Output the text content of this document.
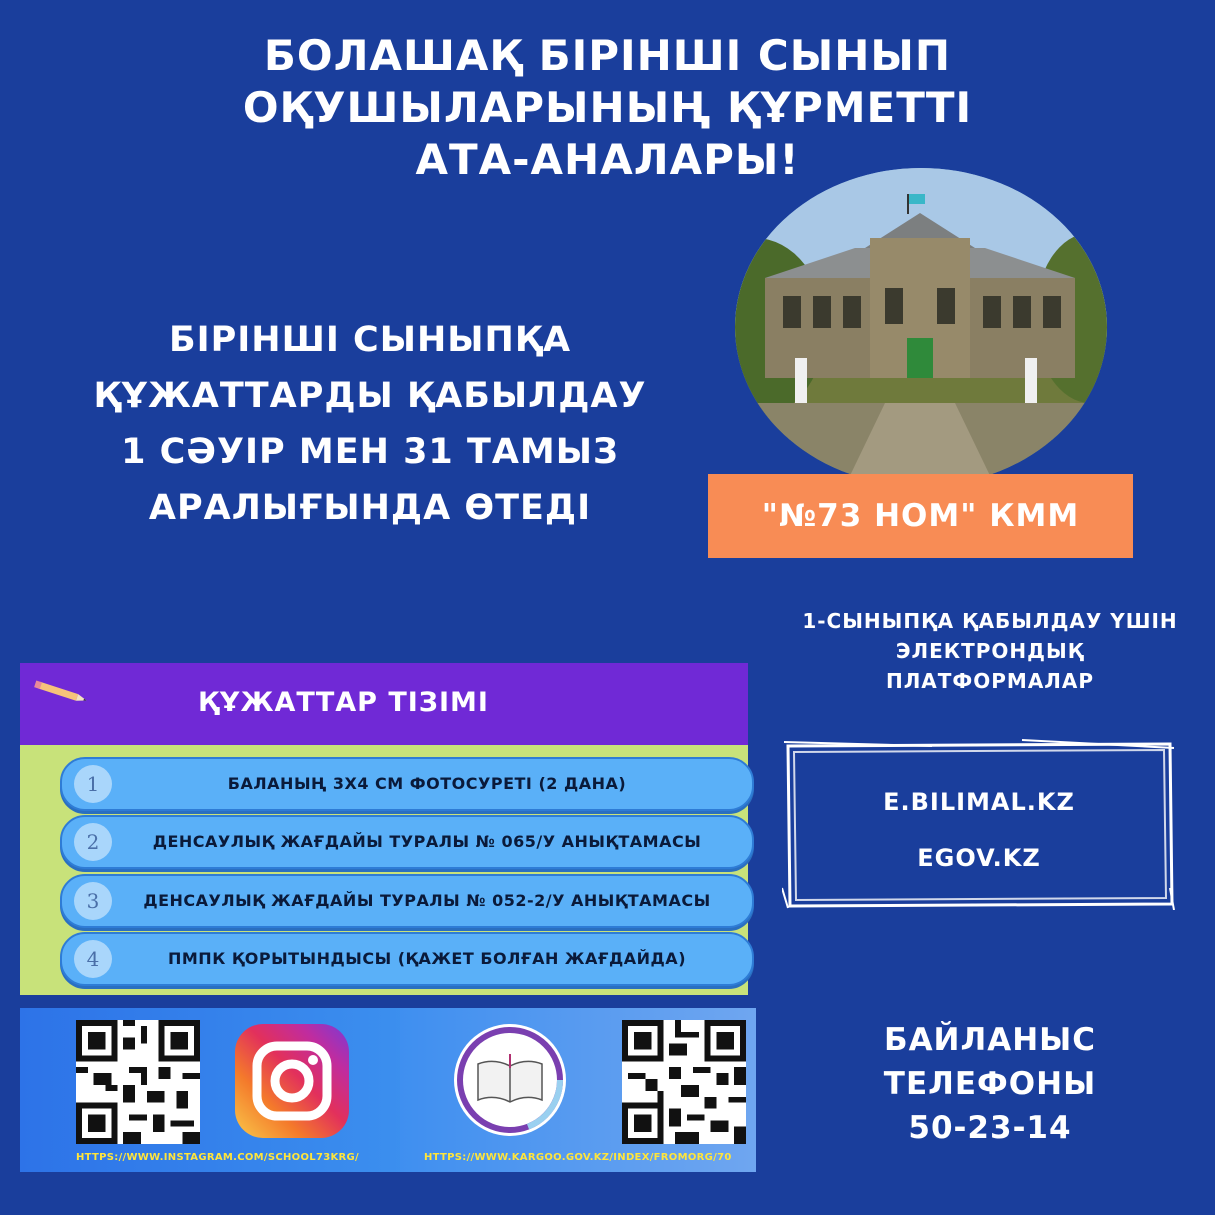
БОЛАШАҚ БІРІНШІ СЫНЫП
ОҚУШЫЛАРЫНЫҢ ҚҰРМЕТТІ
АТА-АНАЛАРЫ!
БІРІНШІ СЫНЫПҚА
ҚҰЖАТТАРДЫ ҚАБЫЛДАУ
1 СӘУІР МЕН 31 ТАМЫЗ
АРАЛЫҒЫНДА ӨТЕДІ	"№73 НОМ" КММ
1-СЫНЫПҚА ҚАБЫЛДАУ ҮШІН
ЭЛЕКТРОНДЫҚ
ПЛАТФОРМАЛАР
E.BILIMAL.KZ
EGOV.KZ
ҚҰЖАТТАР ТІЗІМІ
1	БАЛАНЫҢ 3Х4 СМ ФОТОСУРЕТІ (2 ДАНА)
2	ДЕНСАУЛЫҚ ЖАҒДАЙЫ ТУРАЛЫ № 065/У АНЫҚТАМАСЫ
3	ДЕНСАУЛЫҚ ЖАҒДАЙЫ ТУРАЛЫ № 052-2/У АНЫҚТАМАСЫ
4	ПМПК ҚОРЫТЫНДЫСЫ (ҚАЖЕТ БОЛҒАН ЖАҒДАЙДА)
HTTPS://WWW.INSTAGRAM.COM/SCHOOL73KRG/	HTTPS://WWW.KARGOO.GOV.KZ/INDEX/FROMORG/70
БАЙЛАНЫС
ТЕЛЕФОНЫ
50-23-14
